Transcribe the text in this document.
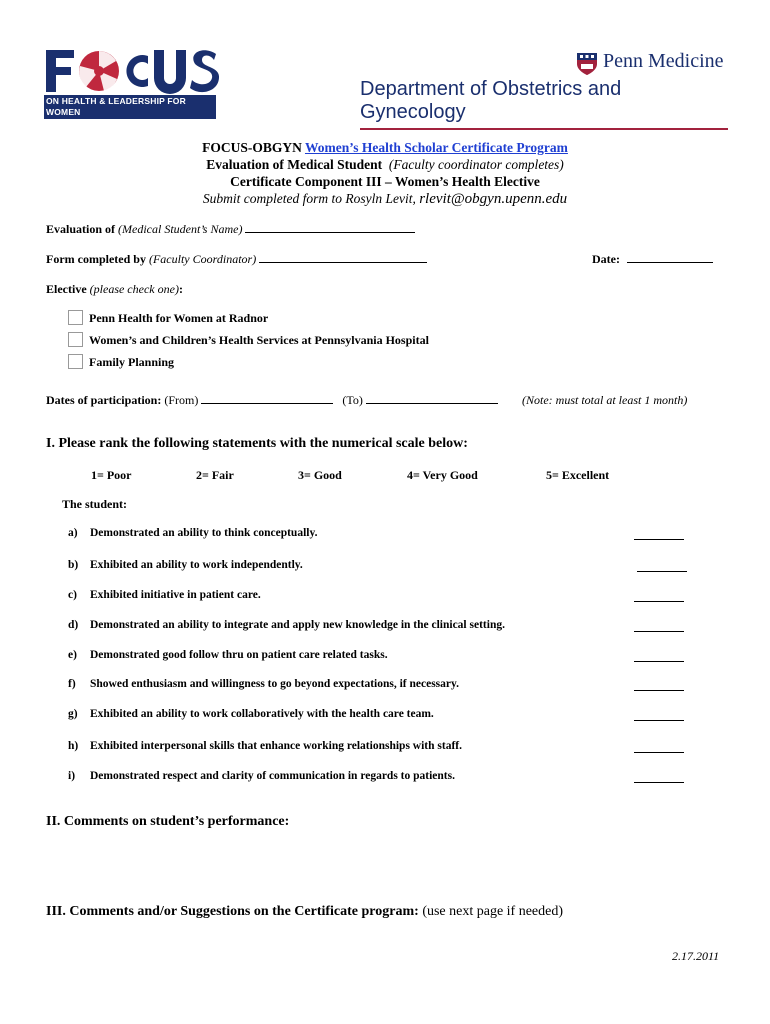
ON HEALTH & LEADERSHIP FOR WOMEN
Penn Medicine
Department of Obstetrics and Gynecology
FOCUS-OBGYN Women’s Health Scholar Certificate Program
Evaluation of Medical Student (Faculty coordinator completes)
Certificate Component III – Women’s Health Elective
Submit completed form to Rosyln Levit, rlevit@obgyn.upenn.edu
Evaluation of (Medical Student’s Name)
Form completed by (Faculty Coordinator)	Date:
Elective (please check one):
Penn Health for Women at Radnor
Women’s and Children’s Health Services at Pennsylvania Hospital
Family Planning
Dates of participation: (From)	(To)	(Note: must total at least 1 month)
I. Please rank the following statements with the numerical scale below:
1= Poor	2= Fair	3= Good	4= Very Good	5= Excellent
The student:
a) Demonstrated an ability to think conceptually.
b) Exhibited an ability to work independently.
c) Exhibited initiative in patient care.
d) Demonstrated an ability to integrate and apply new knowledge in the clinical setting.
e) Demonstrated good follow thru on patient care related tasks.
f) Showed enthusiasm and willingness to go beyond expectations, if necessary.
g) Exhibited an ability to work collaboratively with the health care team.
h) Exhibited interpersonal skills that enhance working relationships with staff.
i) Demonstrated respect and clarity of communication in regards to patients.
II. Comments on student’s performance:
III. Comments and/or Suggestions on the Certificate program: (use next page if needed)
2.17.2011
